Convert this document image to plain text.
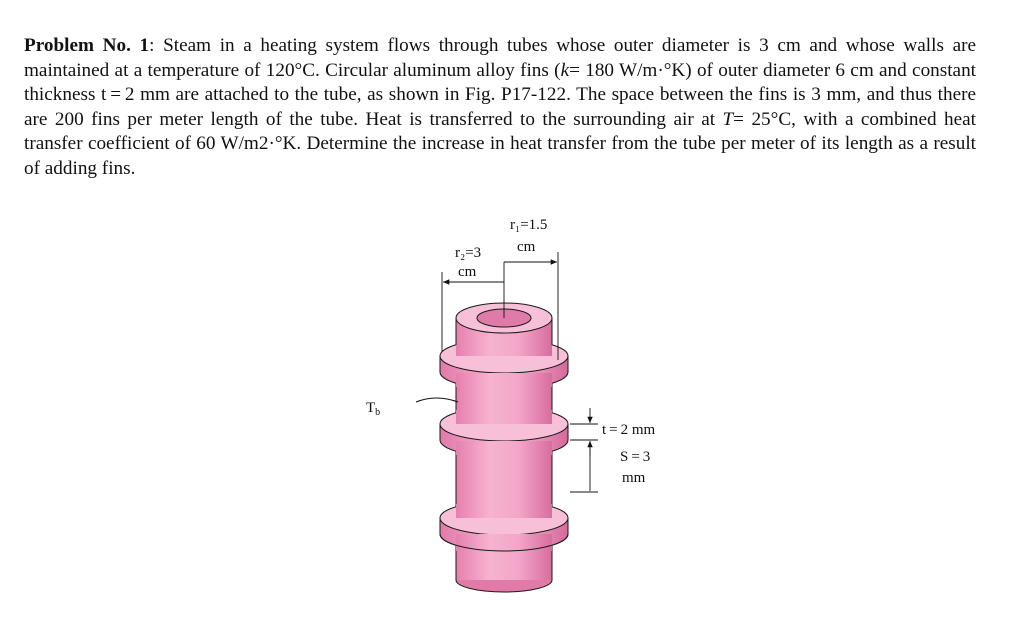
Problem No. 1: Steam in a heating system flows through tubes whose outer diameter is 3 cm and whose walls are maintained at a temperature of 120°C. Circular aluminum alloy fins (k= 180 W/m·°K) of outer diameter 6 cm and constant thickness t = 2 mm are attached to the tube, as shown in Fig. P17-122. The space between the fins is 3 mm, and thus there are 200 fins per meter length of the tube. Heat is transferred to the surrounding air at T= 25°C, with a combined heat transfer coefficient of 60 W/m2·°K. Determine the increase in heat transfer from the tube per meter of its length as a result of adding fins.
r₁=1.5
cm
r₂=3
cm
$T_b$
t = 2 mm
S = 3
mm
